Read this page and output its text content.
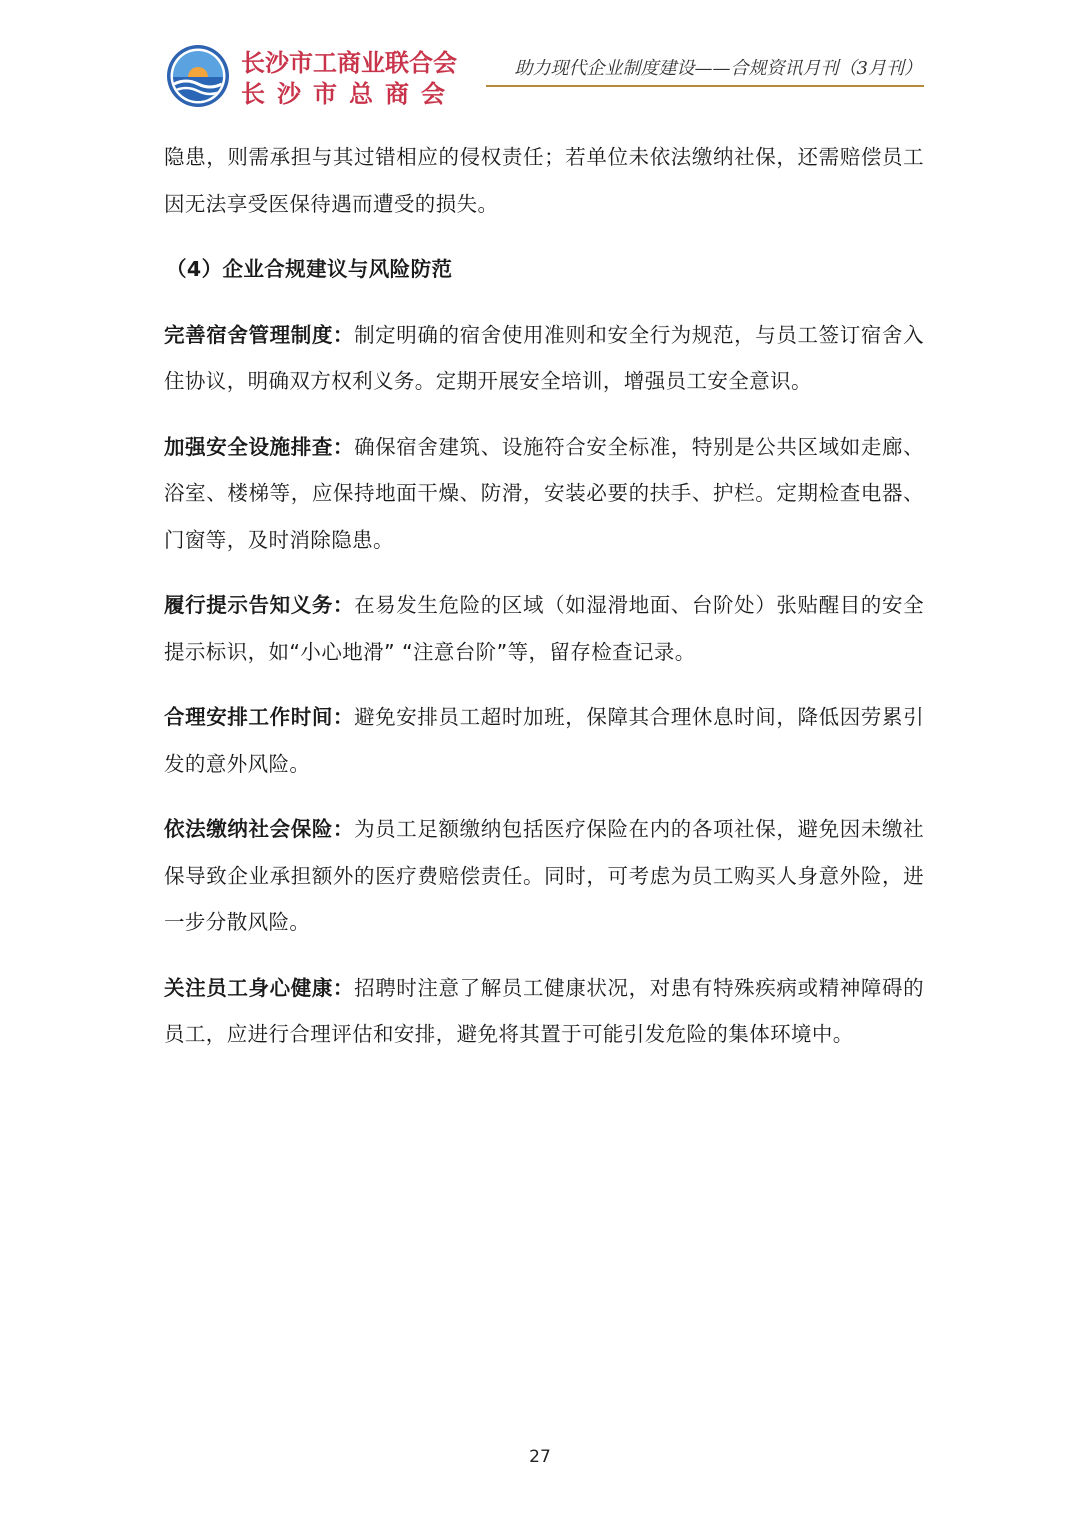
长沙市工商业联合会
长沙市总商会
助力现代企业制度建设——合规资讯月刊（3月刊）

隐患，则需承担与其过错相应的侵权责任；若单位未依法缴纳社保，还需赔偿员工因无法享受医保待遇而遭受的损失。

（4）企业合规建议与风险防范

完善宿舍管理制度：制定明确的宿舍使用准则和安全行为规范，与员工签订宿舍入住协议，明确双方权利义务。定期开展安全培训，增强员工安全意识。

加强安全设施排查：确保宿舍建筑、设施符合安全标准，特别是公共区域如走廊、浴室、楼梯等，应保持地面干燥、防滑，安装必要的扶手、护栏。定期检查电器、门窗等，及时消除隐患。

履行提示告知义务：在易发生危险的区域（如湿滑地面、台阶处）张贴醒目的安全提示标识，如“小心地滑” “注意台阶”等，留存检查记录。

合理安排工作时间：避免安排员工超时加班，保障其合理休息时间，降低因劳累引发的意外风险。

依法缴纳社会保险：为员工足额缴纳包括医疗保险在内的各项社保，避免因未缴社保导致企业承担额外的医疗费赔偿责任。同时，可考虑为员工购买人身意外险，进一步分散风险。

关注员工身心健康：招聘时注意了解员工健康状况，对患有特殊疾病或精神障碍的员工，应进行合理评估和安排，避免将其置于可能引发危险的集体环境中。

27
